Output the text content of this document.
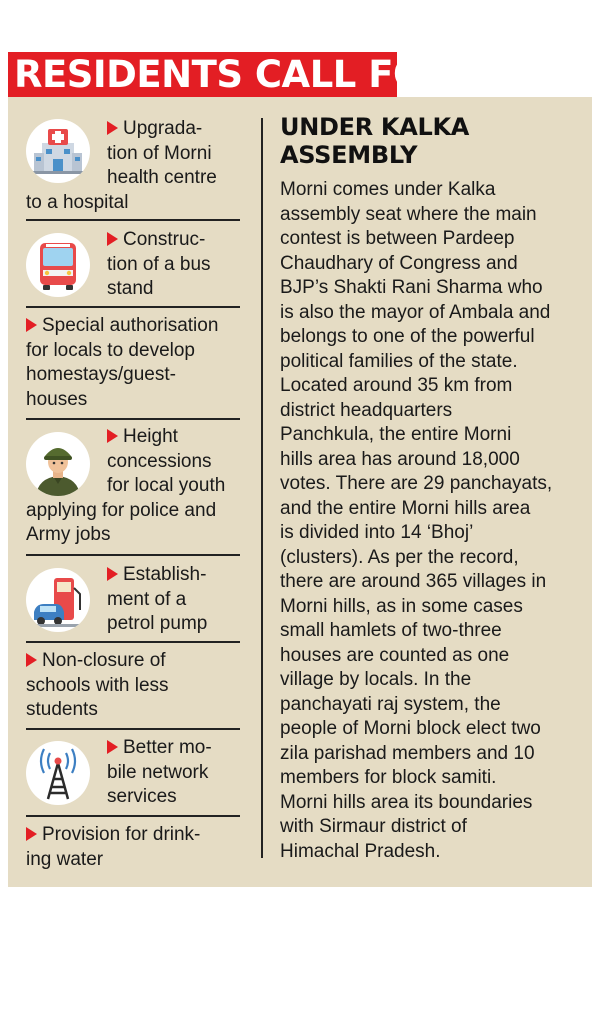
RESIDENTS CALL FOR
Upgrada-
tion of Morni
health centre
to a hospital
Construc-
tion of a bus
stand
Special authorisation
for locals to develop
homestays/guest-
houses
Height
concessions
for local youth
applying for police and
Army jobs
Establish-
ment of a
petrol pump
Non-closure of
schools with less
students
Better mo-
bile network
services
Provision for drink-
ing water
UNDER KALKA
ASSEMBLY
Morni comes under Kalka
assembly seat where the main
contest is between Pardeep
Chaudhary of Congress and
BJP’s Shakti Rani Sharma who
is also the mayor of Ambala and
belongs to one of the powerful
political families of the state.
Located around 35 km from
district headquarters
Panchkula, the entire Morni
hills area has around 18,000
votes. There are 29 panchayats,
and the entire Morni hills area
is divided into 14 ‘Bhoj’
(clusters). As per the record,
there are around 365 villages in
Morni hills, as in some cases
small hamlets of two-three
houses are counted as one
village by locals. In the
panchayati raj system, the
people of Morni block elect two
zila parishad members and 10
members for block samiti.
Morni hills area its boundaries
with Sirmaur district of
Himachal Pradesh.
